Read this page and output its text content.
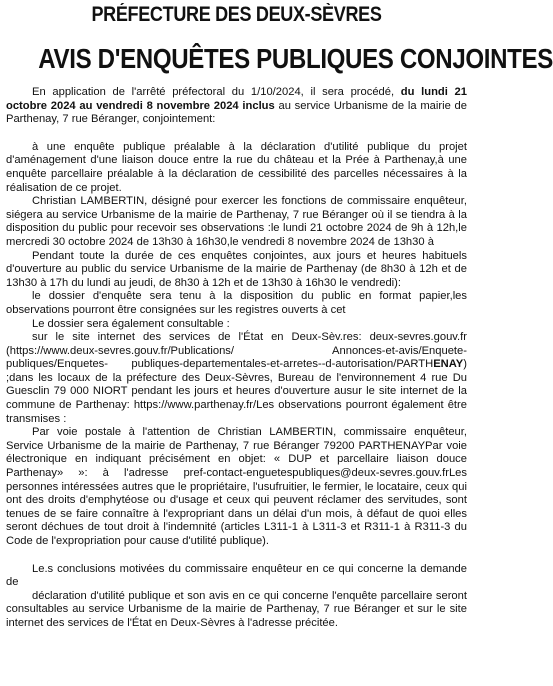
PRÉFECTURE DES DEUX-SÈVRES
AVIS D'ENQUÊTES PUBLIQUES CONJOINTES

En application de l'arrêté préfectoral du 1/10/2024, il sera procédé, du lundi 21 octobre 2024 au vendredi 8 novembre 2024 inclus au service Urbanisme de la mairie de Parthenay, 7 rue Béranger, conjointement:

à une enquête publique préalable à la déclaration d'utilité publique du projet d'aménagement d'une liaison douce entre la rue du château et la Prée à Parthenay,à une enquête parcellaire préalable à la déclaration de cessibilité des parcelles nécessaires à la réalisation de ce projet.

Christian LAMBERTIN, désigné pour exercer les fonctions de commissaire enquêteur, siégera au service Urbanisme de la mairie de Parthenay, 7 rue Béranger où il se tiendra à la disposition du public pour recevoir ses observations :le lundi 21 octobre 2024 de 9h à 12h,le mercredi 30 octobre 2024 de 13h30 à 16h30,le vendredi 8 novembre 2024 de 13h30 à

Pendant toute la durée de ces enquêtes conjointes, aux jours et heures habituels d'ouverture au public du service Urbanisme de la mairie de Parthenay (de 8h30 à 12h et de 13h30 à 17h du lundi au jeudi, de 8h30 à 12h et de 13h30 à 16h30 le vendredi):

le dossier d'enquête sera tenu à la disposition du public en format papier,les observations pourront être consignées sur les registres ouverts à cet

Le dossier sera également consultable :

sur le site internet des services de l'État en Deux-Sèv.res: deux-sevres.gouv.fr (https://www.deux-sevres.gouv.fr/Publications/ Annonces-et-avis/Enquete-publiques/Enquetes- publiques-departementales-et-arretes--d-autorisation/PARTHENAY) ;dans les locaux de la préfecture des Deux-Sèvres, Bureau de l'environnement 4 rue Du Guesclin 79 000 NIORT pendant les jours et heures d'ouverture ausur le site internet de la commune de Parthenay: https://www.parthenay.fr/Les observations pourront également être transmises :

Par voie postale à l'attention de Christian LAMBERTIN, commissaire enquêteur, Service Urbanisme de la mairie de Parthenay, 7 rue Béranger 79200 PARTHENAYPar voie électronique en indiquant précisément en objet: « DUP et parcellaire liaison douce Parthenay» »: à l'adresse pref-contact-enguetespubliques@deux-sevres.gouv.frLes personnes intéressées autres que le propriétaire, l'usufruitier, le fermier, le locataire, ceux qui ont des droits d'emphytéose ou d'usage et ceux qui peuvent réclamer des servitudes, sont tenues de se faire connaître à l'expropriant dans un délai d'un mois, à défaut de quoi elles seront déchues de tout droit à l'indemnité (articles L311-1 à L311-3 et R311-1 à R311-3 du Code de l'expropriation pour cause d'utilité publique).

Le.s conclusions motivées du commissaire enquêteur en ce qui concerne la demande de

déclaration d'utilité publique et son avis en ce qui concerne l'enquête parcellaire seront consultables au service Urbanisme de la mairie de Parthenay, 7 rue Béranger et sur le site internet des services de l'État en Deux-Sèvres à l'adresse précitée.
